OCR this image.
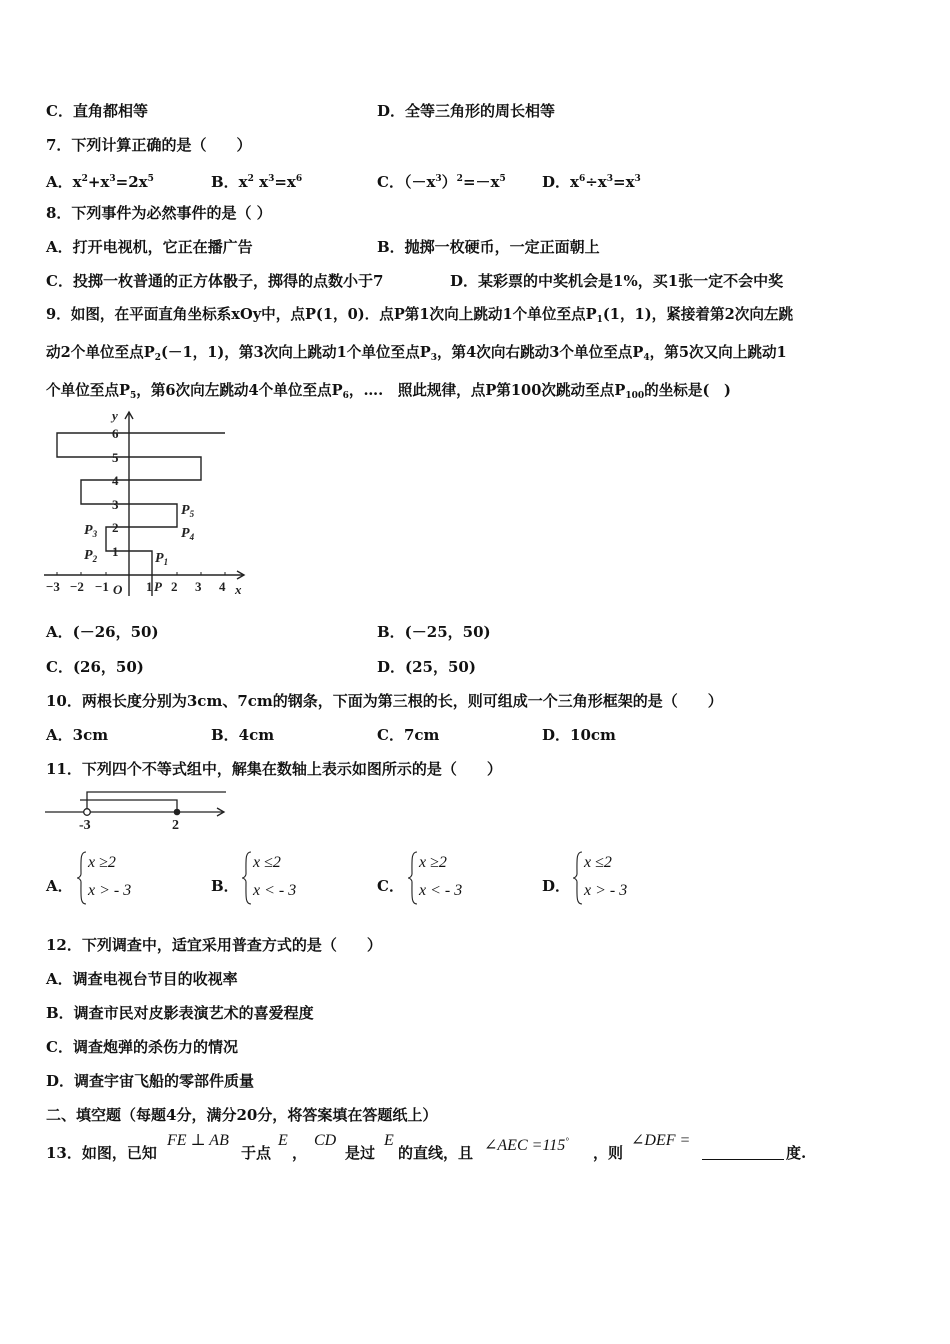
C．直角都相等	D．全等三角形的周长相等
7．下列计算正确的是（　　）
A．$x^2+x^3=2x^5$	B．$x^2$ $x^3=x^6$	C．$(-x^3)^2=-x^5$ D．$x^6\div x^3=x^3$
8．下列事件为必然事件的是（ ）
A．打开电视机，它正在播广告	B．抛掷一枚硬币，一定正面朝上
C．投掷一枚普通的正方体骰子，掷得的点数小于7	D．某彩票的中奖机会是1%，买1张一定不会中奖
9．如图，在平面直角坐标系xOy中，点P(1，0)．点P第1次向上跳动1个单位至点$P_1(1$，1)，紧接着第2次向左跳
动2个单位至点$P_2(-1$，1)，第3次向上跳动1个单位至点$P_3$，第4次向右跳动3个单位至点$P_4$，第5次又向上跳动1
个单位至点$P_5$，第6次向左跳动4个单位至点$P_6$，….　照此规律，点P第100次跳动至点$P_{100}$的坐标是(　)
y
6
5
4
3
2
1
−3 −2 −1 O 1 P 2 3 4 x
$P_1$
$P_2$
$P_3$	$P_4$
$P_5$
A．(－26，50)	B．(－25，50)
C．(26，50)	D．(25，50)
10．两根长度分别为3cm、7cm的钢条，下面为第三根的长，则可组成一个三角形框架的是（　　）
A．3cm	B．4cm	C．7cm	D．10cm
11．下列四个不等式组中，解集在数轴上表示如图所示的是（　　）
-3	2
A．
x ≥2
x > - 3	B．
x ≤2
x < - 3	C．
x ≥2
x < - 3	D．
x ≤2
x > - 3
12．下列调查中，适宜采用普查方式的是（　　）
A．调查电视台节目的收视率
B．调查市民对皮影表演艺术的喜爱程度
C．调查炮弹的杀伤力的情况
D．调查宇宙飞船的零部件质量
二、填空题（每题4分，满分20分，将答案填在答题纸上）
13．如图，已知
FE ⊥ AB
于点
E
，
CD
是过
E
的直线，且 ∠AEC =115°
，则
∠DEF =
度.
